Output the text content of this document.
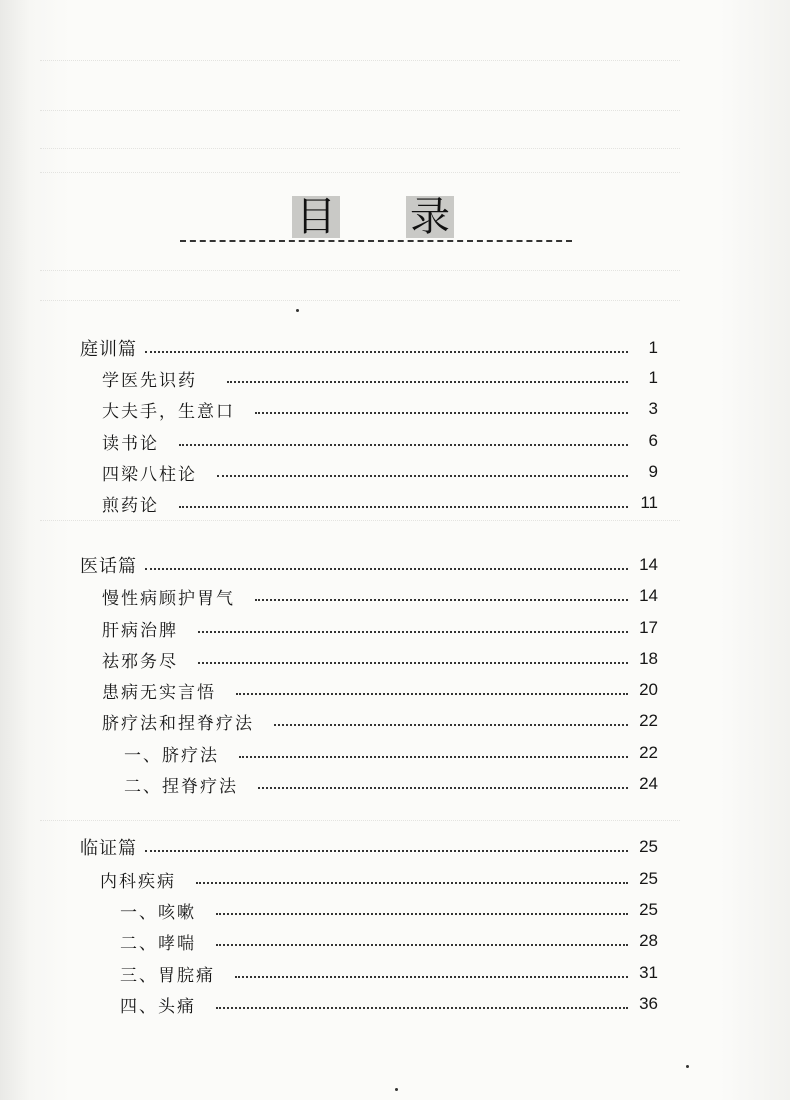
目 录
庭训篇	1
学医先识药	1
大夫手，生意口	3
读书论	6
四梁八柱论	9
煎药论	11
医话篇	14
慢性病顾护胃气	14
肝病治脾	17
祛邪务尽	18
患病无实言悟	20
脐疗法和捏脊疗法	22
一、脐疗法	22
二、捏脊疗法	24
临证篇	25
内科疾病	25
一、咳嗽	25
二、哮喘	28
三、胃脘痛	31
四、头痛	36
